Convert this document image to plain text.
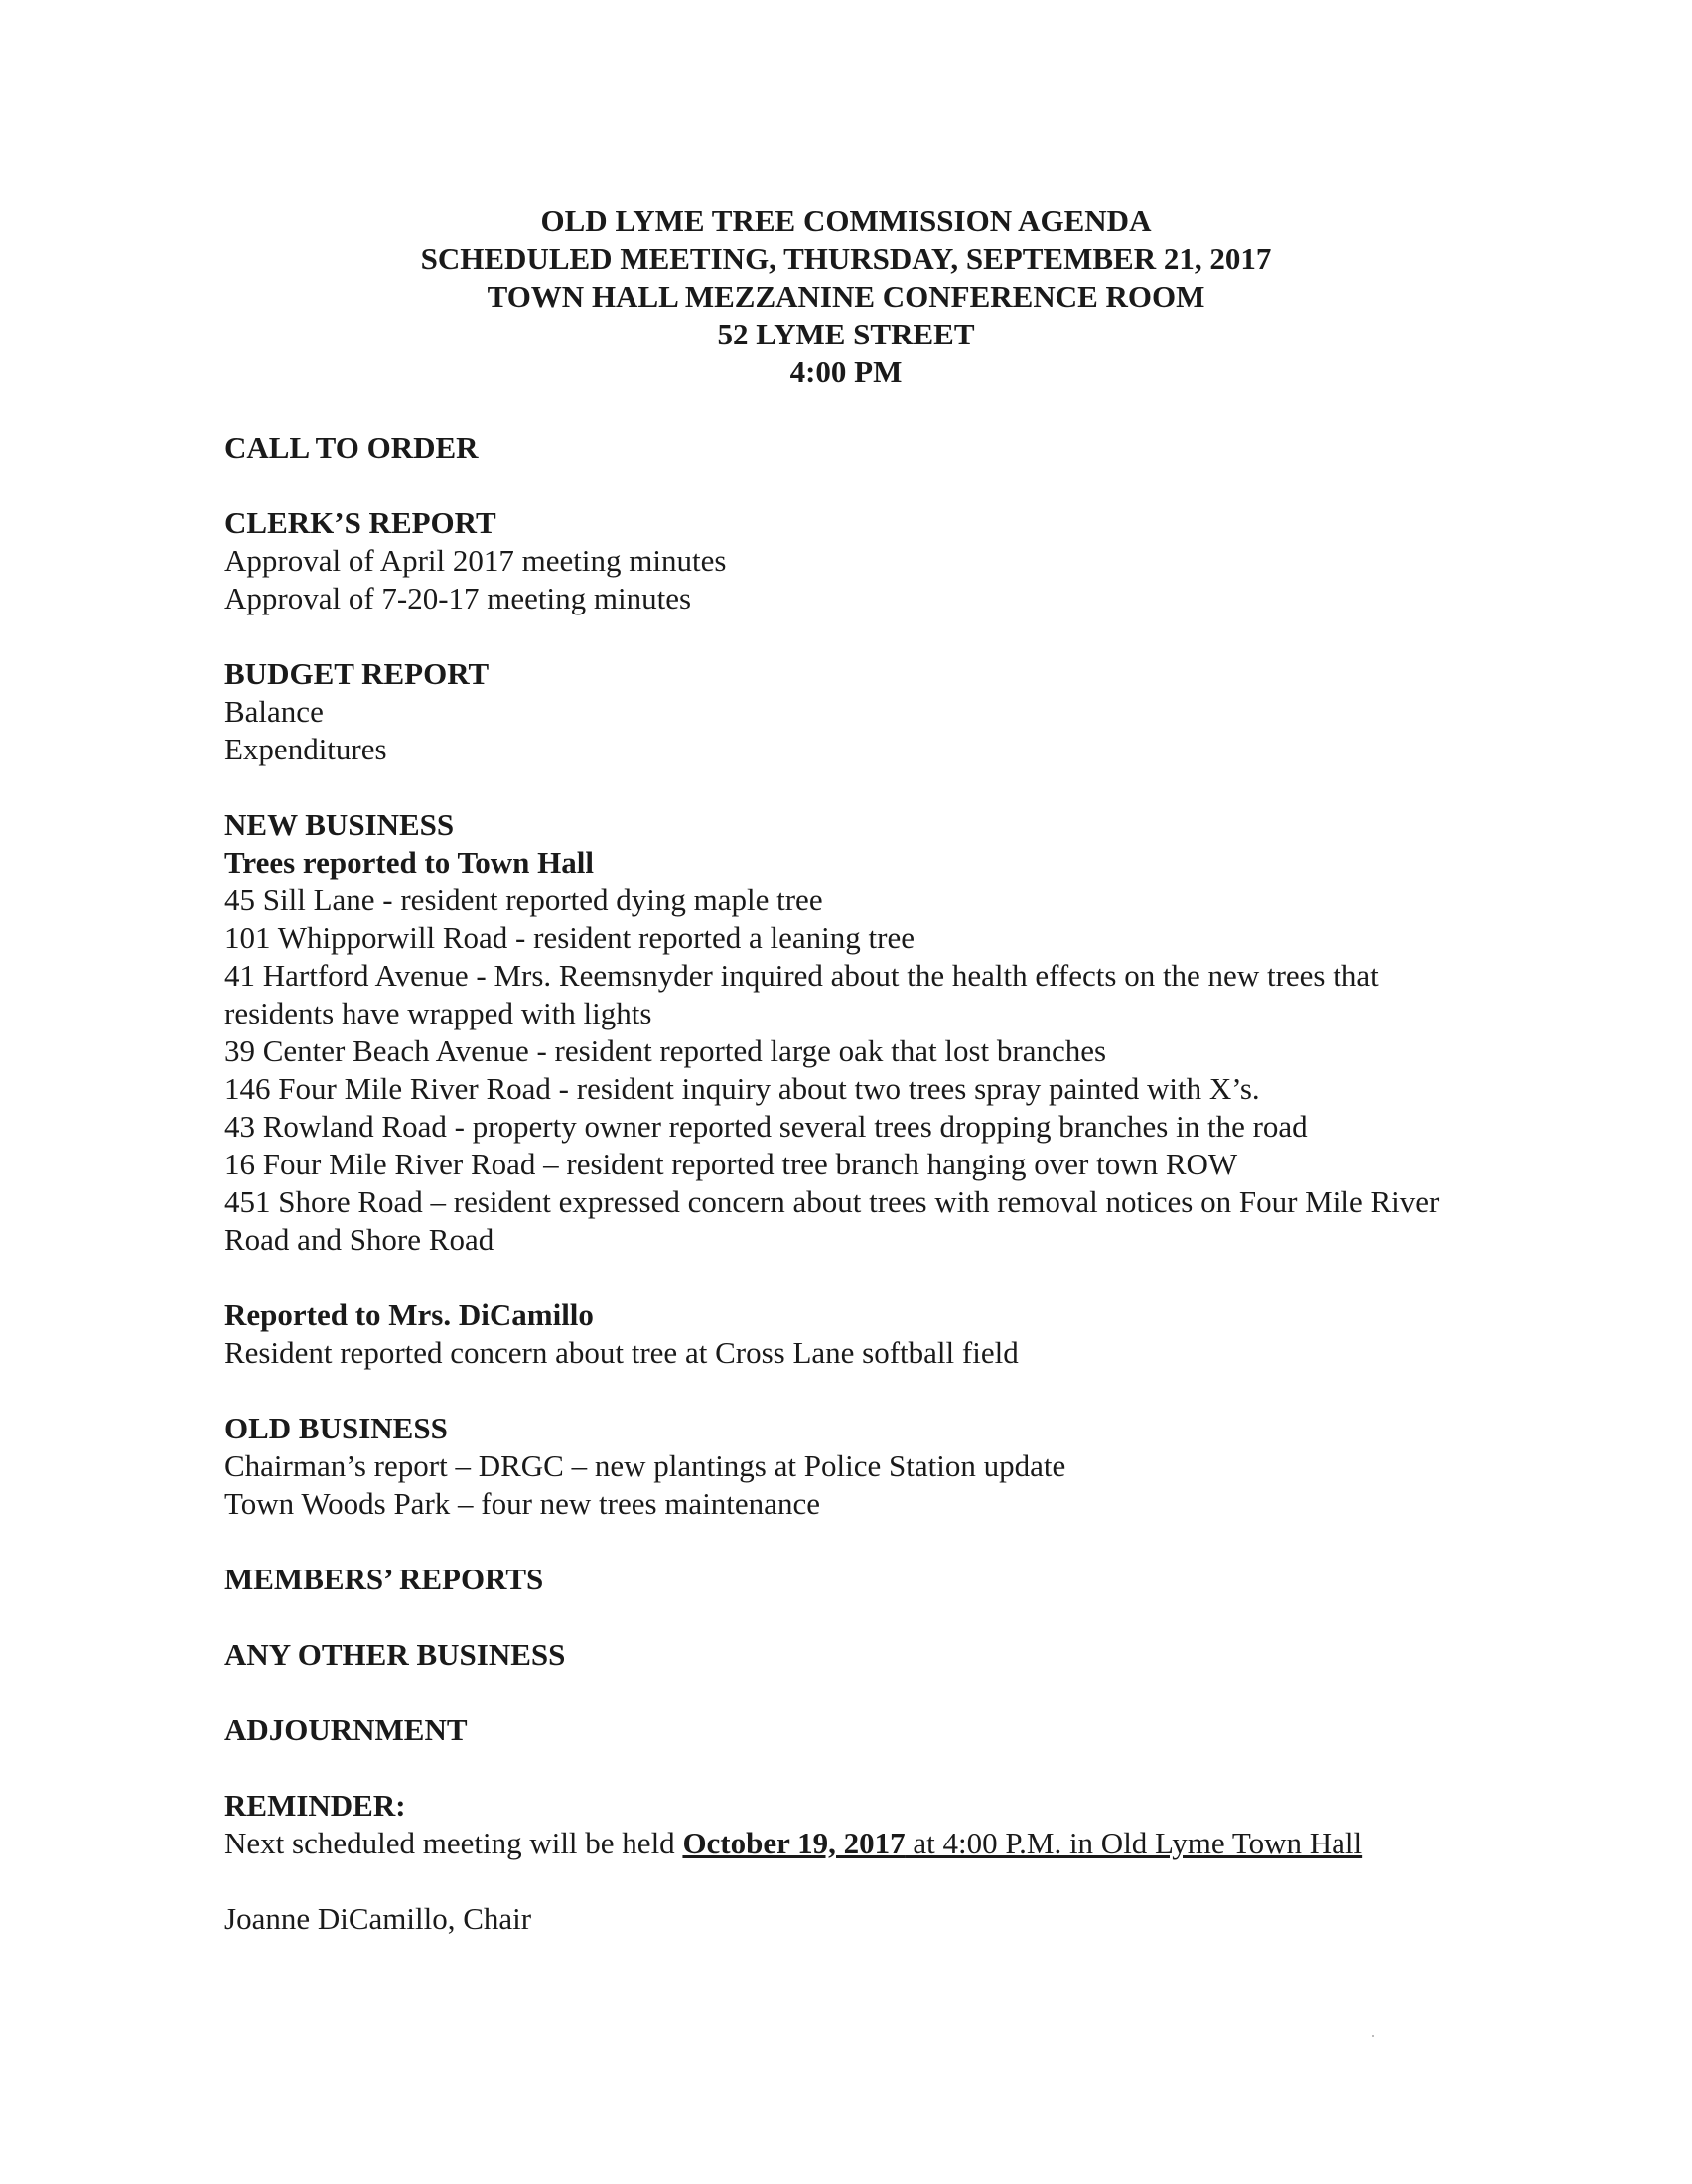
OLD LYME TREE COMMISSION AGENDA
SCHEDULED MEETING, THURSDAY, SEPTEMBER 21, 2017
TOWN HALL MEZZANINE CONFERENCE ROOM
52 LYME STREET
4:00 PM
CALL TO ORDER
CLERK’S REPORT
Approval of April 2017 meeting minutes
Approval of 7-20-17 meeting minutes
BUDGET REPORT
Balance
Expenditures
NEW BUSINESS
Trees reported to Town Hall
45 Sill Lane - resident reported dying maple tree
101 Whipporwill Road - resident reported a leaning tree
41 Hartford Avenue - Mrs. Reemsnyder inquired about the health effects on the new trees that residents have wrapped with lights
39 Center Beach Avenue - resident reported large oak that lost branches
146 Four Mile River Road - resident inquiry about two trees spray painted with X’s.
43 Rowland Road - property owner reported several trees dropping branches in the road
16 Four Mile River Road – resident reported tree branch hanging over town ROW
451 Shore Road – resident expressed concern about trees with removal notices on Four Mile River Road and Shore Road
Reported to Mrs. DiCamillo
Resident reported concern about tree at Cross Lane softball field
OLD BUSINESS
Chairman’s report – DRGC – new plantings at Police Station update
Town Woods Park – four new trees maintenance
MEMBERS’ REPORTS
ANY OTHER BUSINESS
ADJOURNMENT
REMINDER:
Next scheduled meeting will be held October 19, 2017 at 4:00 P.M. in Old Lyme Town Hall
Joanne DiCamillo, Chair
